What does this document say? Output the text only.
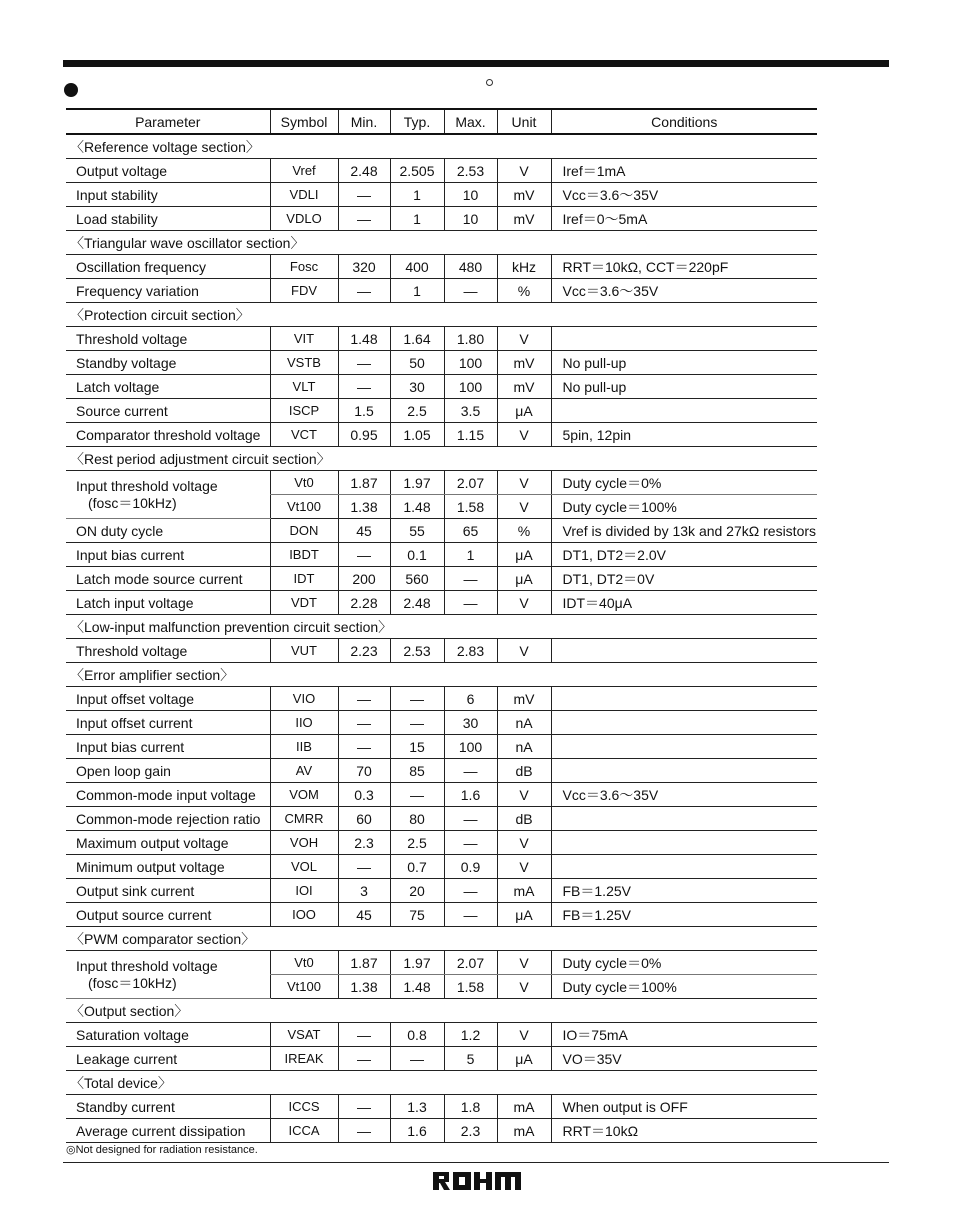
Parameter	Symbol	Min.	Typ.	Max.	Unit	Conditions
〈Reference voltage section〉						
Output voltage	Vref	2.48	2.505	2.53	V	Iref＝1mA
Input stability	VDLI	—	1	10	mV	Vcc＝3.6～35V
Load stability	VDLO	—	1	10	mV	Iref＝0～5mA
〈Triangular wave oscillator section〉						
Oscillation frequency	Fosc	320	400	480	kHz	RRT＝10kΩ, CCT＝220pF
Frequency variation	FDV	—	1	—	%	Vcc＝3.6～35V
〈Protection circuit section〉						
Threshold voltage	VIT	1.48	1.64	1.80	V	
Standby voltage	VSTB	—	50	100	mV	No pull-up
Latch voltage	VLT	—	30	100	mV	No pull-up
Source current	ISCP	1.5	2.5	3.5	μA	
Comparator threshold voltage	VCT	0.95	1.05	1.15	V	5pin, 12pin
〈Rest period adjustment circuit section〉						
Input threshold voltage
(fosc＝10kHz)	Vt0	1.87	1.97	2.07	V	Duty cycle＝0%
	Vt100	1.38	1.48	1.58	V	Duty cycle＝100%
ON duty cycle	DON	45	55	65	%	Vref is divided by 13k and 27kΩ resistors
Input bias current	IBDT	—	0.1	1	μA	DT1, DT2＝2.0V
Latch mode source current	IDT	200	560	—	μA	DT1, DT2＝0V
Latch input voltage	VDT	2.28	2.48	—	V	IDT＝40μA
〈Low-input malfunction prevention circuit section〉						
Threshold voltage	VUT	2.23	2.53	2.83	V	
〈Error amplifier section〉						
Input offset voltage	VIO	—	—	6	mV	
Input offset current	IIO	—	—	30	nA	
Input bias current	IIB	—	15	100	nA	
Open loop gain	AV	70	85	—	dB	
Common-mode input voltage	VOM	0.3	—	1.6	V	Vcc＝3.6～35V
Common-mode rejection ratio	CMRR	60	80	—	dB	
Maximum output voltage	VOH	2.3	2.5	—	V	
Minimum output voltage	VOL	—	0.7	0.9	V	
Output sink current	IOI	3	20	—	mA	FB＝1.25V
Output source current	IOO	45	75	—	μA	FB＝1.25V
〈PWM comparator section〉						
Input threshold voltage
(fosc＝10kHz)	Vt0	1.87	1.97	2.07	V	Duty cycle＝0%
	Vt100	1.38	1.48	1.58	V	Duty cycle＝100%
〈Output section〉						
Saturation voltage	VSAT	—	0.8	1.2	V	IO＝75mA
Leakage current	IREAK	—	—	5	μA	VO＝35V
〈Total device〉						
Standby current	ICCS	—	1.3	1.8	mA	When output is OFF
Average current dissipation	ICCA	—	1.6	2.3	mA	RRT＝10kΩ
◎Not designed for radiation resistance.
